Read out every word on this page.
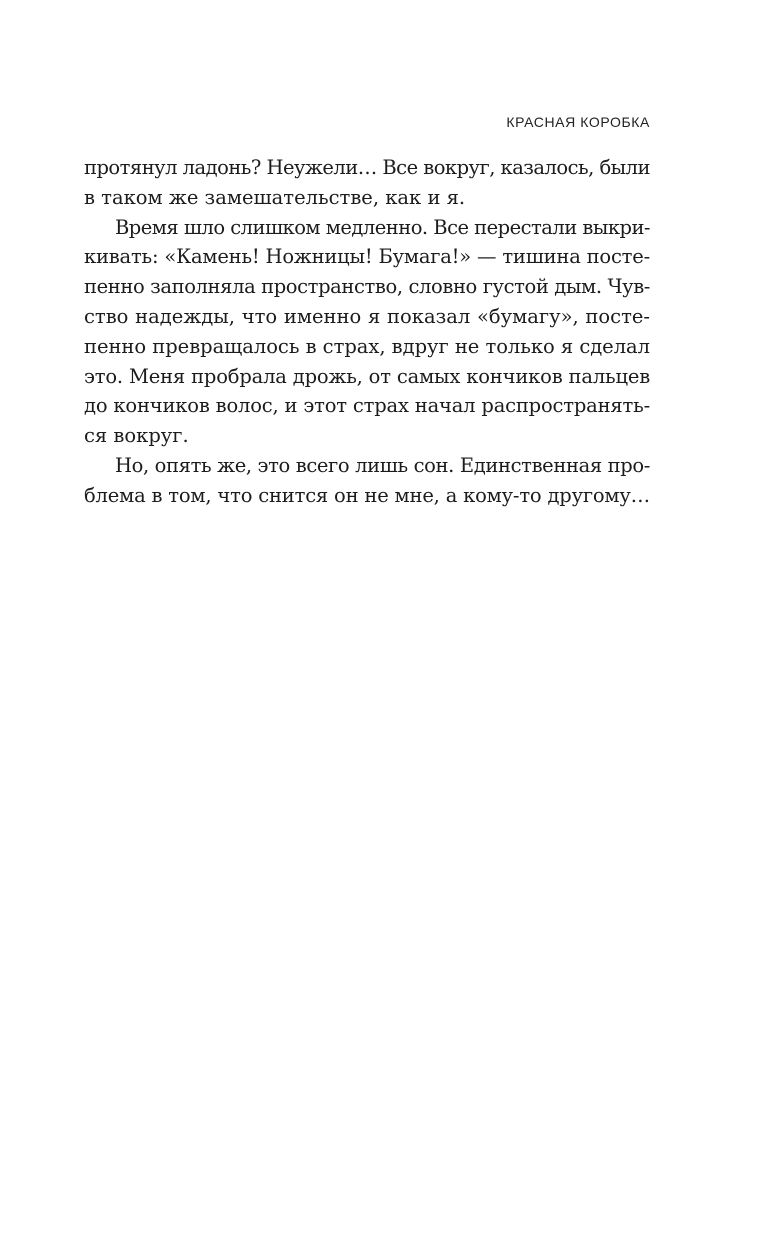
КРАСНАЯ КОРОБКА

протянул ладонь? Неужели… Все вокруг, казалось, были
в таком же замешательстве, как и я.

Время шло слишком медленно. Все перестали выкри-
кивать: «Камень! Ножницы! Бумага!» — тишина посте-
пенно заполняла пространство, словно густой дым. Чув-
ство надежды, что именно я показал «бумагу», посте-
пенно превращалось в страх, вдруг не только я сделал
это. Меня пробрала дрожь, от самых кончиков пальцев
до кончиков волос, и этот страх начал распространять-
ся вокруг.

Но, опять же, это всего лишь сон. Единственная про-
блема в том, что снится он не мне, а кому-то другому…
